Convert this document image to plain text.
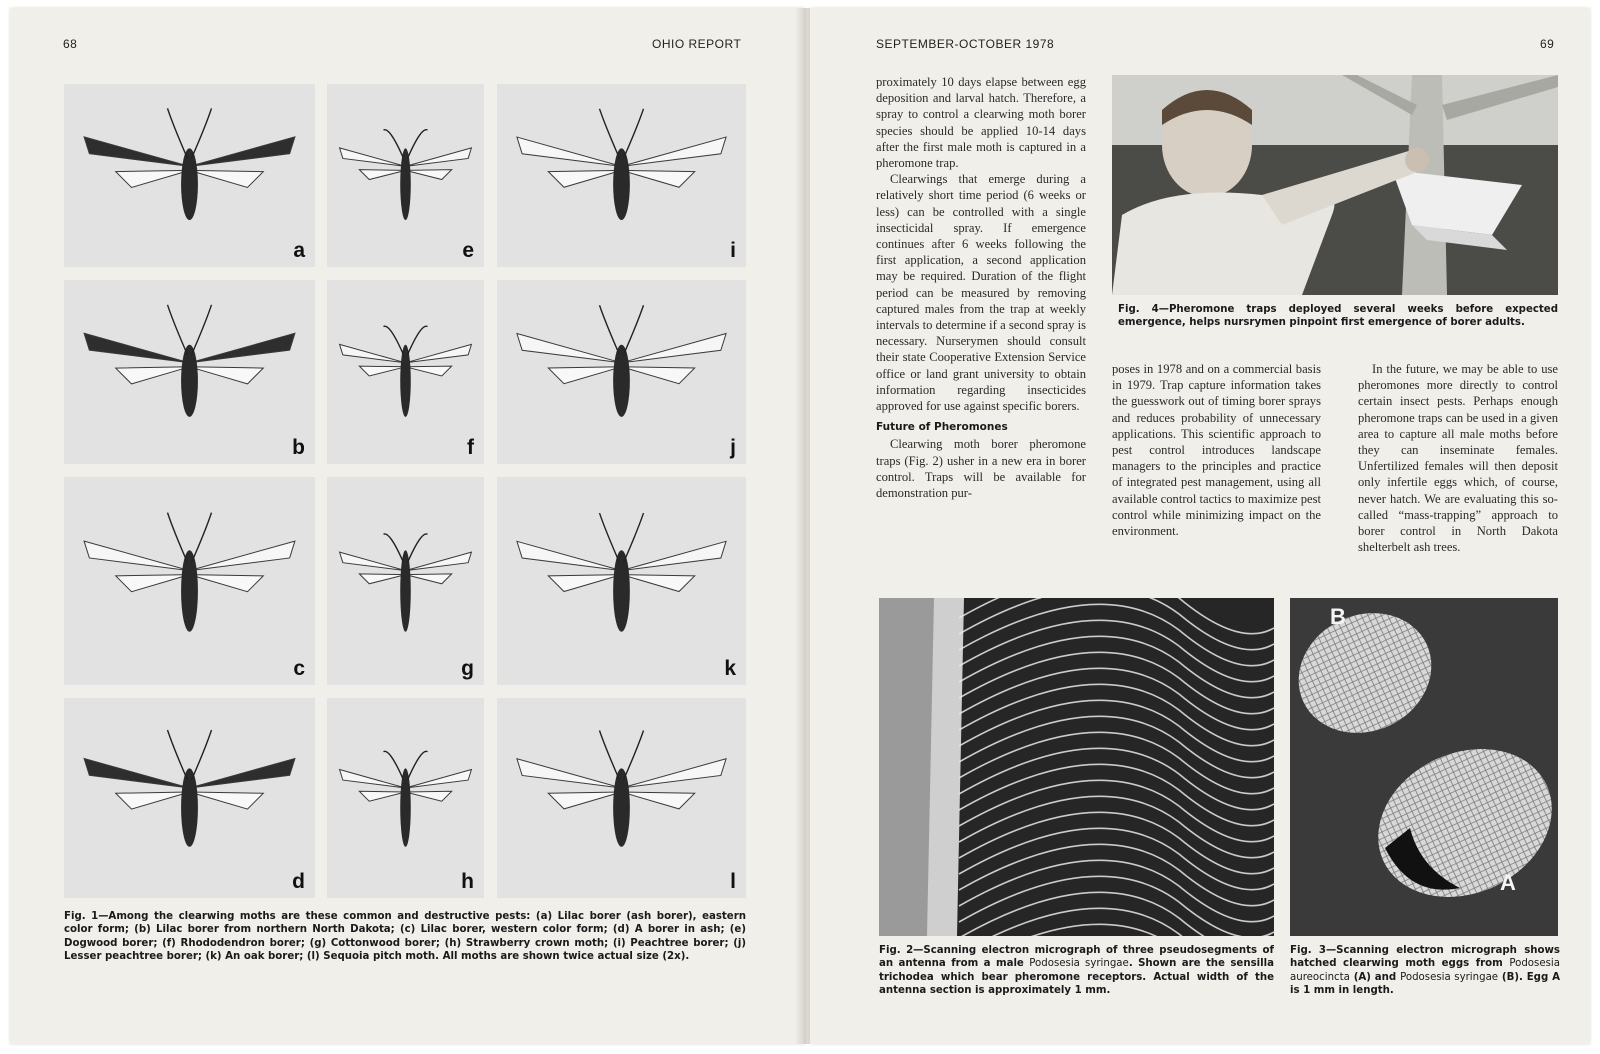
68	OHIO REPORT
a	e	i
b	f	j
c	g	k
d	h	l
Fig. 1—Among the clearwing moths are these common and destructive pests: (a) Lilac borer (ash borer), eastern color form; (b) Lilac borer from northern North Dakota; (c) Lilac borer, western color form; (d) A borer in ash; (e) Dogwood borer; (f) Rhododendron borer; (g) Cottonwood borer; (h) Strawberry crown moth; (i) Peachtree borer; (j) Lesser peachtree borer; (k) An oak borer; (l) Sequoia pitch moth. All moths are shown twice actual size (2x).
SEPTEMBER-OCTOBER 1978	69

proximately 10 days elapse between egg deposition and larval hatch. Therefore, a spray to control a clearwing moth borer species should be applied 10-14 days after the first male moth is captured in a pheromone trap.

Clearwings that emerge during a relatively short time period (6 weeks or less) can be controlled with a single insecticidal spray. If emergence continues after 6 weeks following the first application, a second application may be required. Duration of the flight period can be measured by removing captured males from the trap at weekly intervals to determine if a second spray is necessary. Nurserymen should consult their state Cooperative Extension Service office or land grant university to obtain information regarding insecticides approved for use against specific borers.

Future of Pheromones

Clearwing moth borer pheromone traps (Fig. 2) usher in a new era in borer control. Traps will be available for demonstration pur-

Fig. 4—Pheromone traps deployed several weeks before expected emergence, helps nursrymen pinpoint first emergence of borer adults.

poses in 1978 and on a commercial basis in 1979. Trap capture information takes the guesswork out of timing borer sprays and reduces probability of unnecessary applications. This scientific approach to pest control introduces landscape managers to the principles and practice of integrated pest management, using all available control tactics to maximize pest control while minimizing impact on the environment.

In the future, we may be able to use pheromones more directly to control certain insect pests. Perhaps enough pheromone traps can be used in a given area to capture all male moths before they can inseminate females. Unfertilized females will then deposit only infertile eggs which, of course, never hatch. We are evaluating this so-called “mass-trapping” approach to borer control in North Dakota shelterbelt ash trees.

Fig. 2—Scanning electron micrograph of three pseudosegments of an antenna from a male Podosesia syringae. Shown are the sensilla trichodea which bear pheromone receptors. Actual width of the antenna section is approximately 1 mm.
B
A
Fig. 3—Scanning electron micrograph shows hatched clearwing moth eggs from Podosesia aureocincta (A) and Podosesia syringae (B). Egg A is 1 mm in length.
